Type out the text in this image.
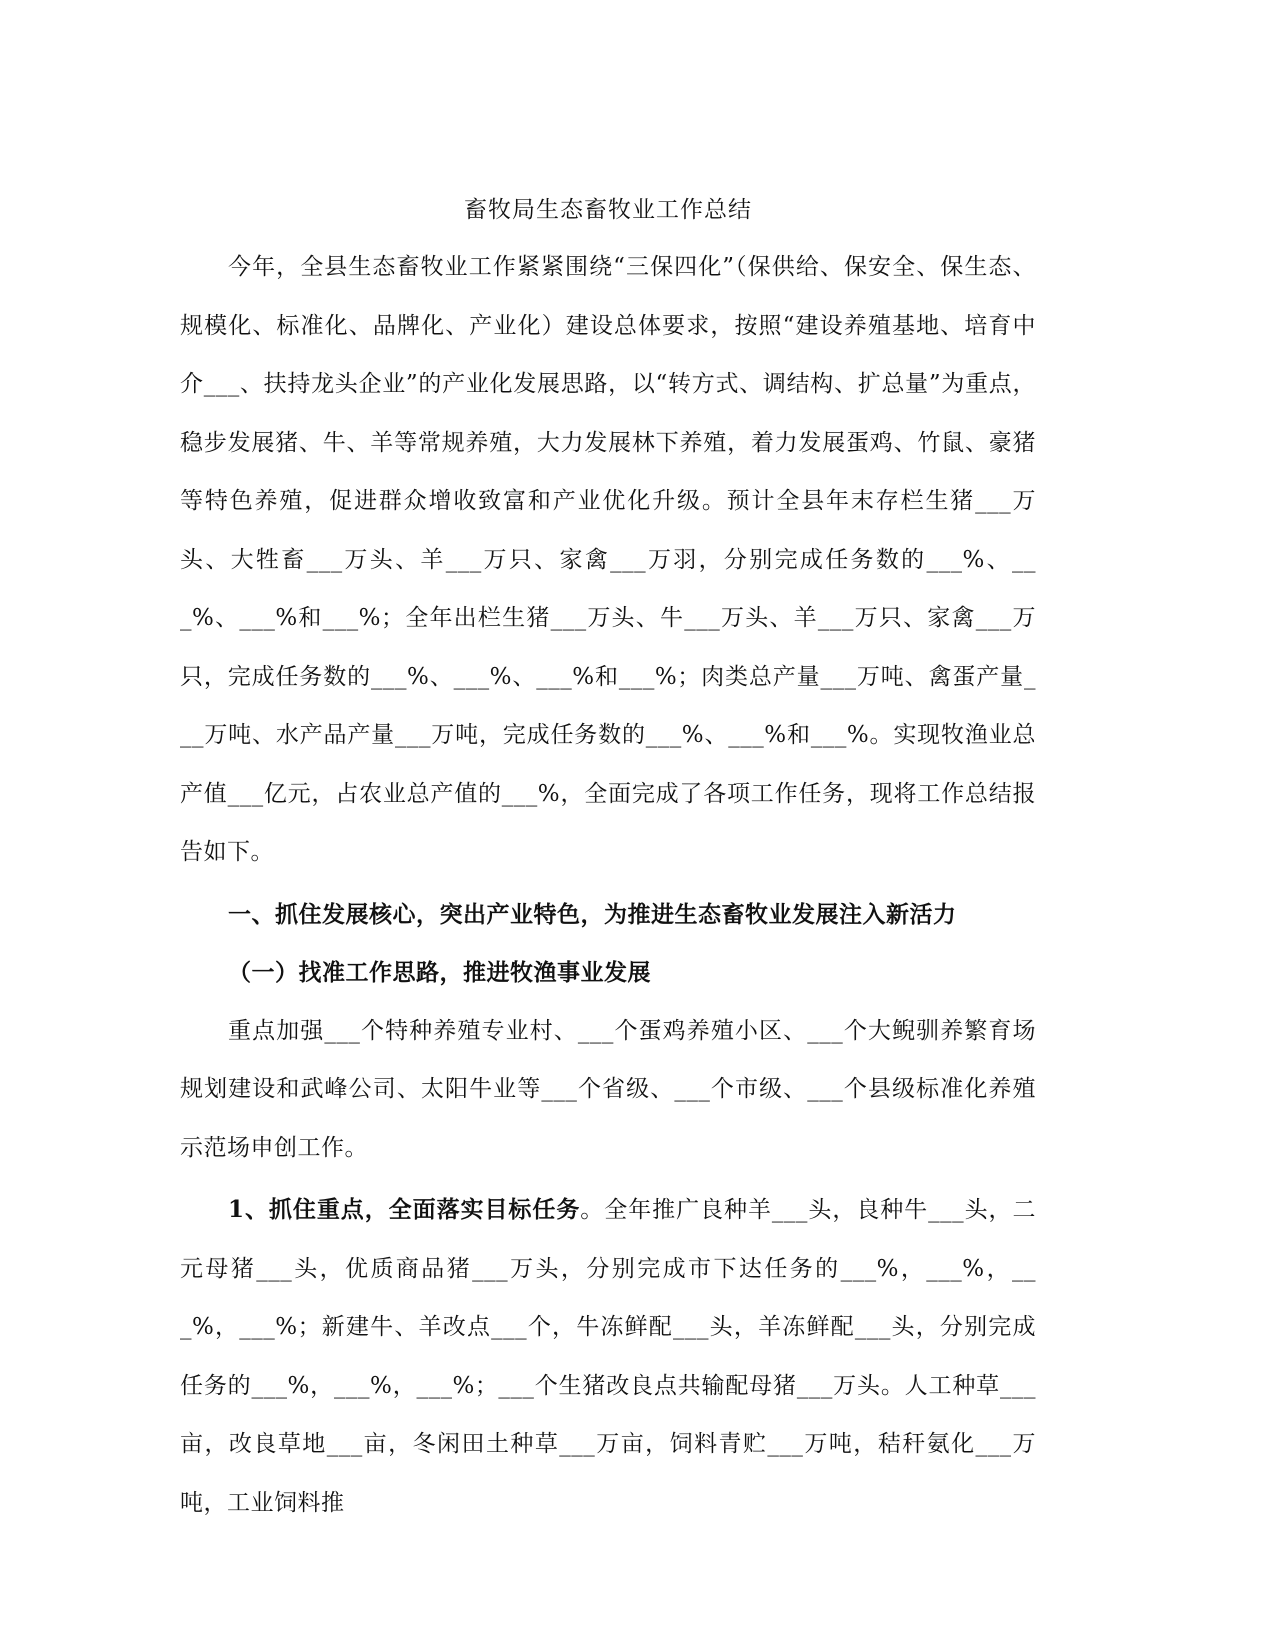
畜牧局生态畜牧业工作总结

今年，全县生态畜牧业工作紧紧围绕“三保四化”（保供给、保安全、保生态、规模化、标准化、品牌化、产业化）建设总体要求，按照“建设养殖基地、培育中介___、扶持龙头企业”的产业化发展思路，以“转方式、调结构、扩总量”为重点，稳步发展猪、牛、羊等常规养殖，大力发展林下养殖，着力发展蛋鸡、竹鼠、豪猪等特色养殖，促进群众增收致富和产业优化升级。预计全县年末存栏生猪___万头、大牲畜___万头、羊___万只、家禽___万羽，分别完成任务数的___%、___%、___%和___%；全年出栏生猪___万头、牛___万头、羊___万只、家禽___万只，完成任务数的___%、___%、___%和___%；肉类总产量___万吨、禽蛋产量___万吨、水产品产量___万吨，完成任务数的___%、___%和___%。实现牧渔业总产值___亿元，占农业总产值的___%，全面完成了各项工作任务，现将工作总结报告如下。

一、抓住发展核心，突出产业特色，为推进生态畜牧业发展注入新活力

（一）找准工作思路，推进牧渔事业发展

重点加强___个特种养殖专业村、___个蛋鸡养殖小区、___个大鲵驯养繁育场规划建设和武峰公司、太阳牛业等___个省级、___个市级、___个县级标准化养殖示范场申创工作。

1、抓住重点，全面落实目标任务。全年推广良种羊___头，良种牛___头，二元母猪___头，优质商品猪___万头，分别完成市下达任务的___%，___%，___%，___%；新建牛、羊改点___个，牛冻鲜配___头，羊冻鲜配___头，分别完成任务的___%，___%，___%；___个生猪改良点共输配母猪___万头。人工种草___亩，改良草地___亩，冬闲田土种草___万亩，饲料青贮___万吨，秸秆氨化___万吨，工业饲料推
